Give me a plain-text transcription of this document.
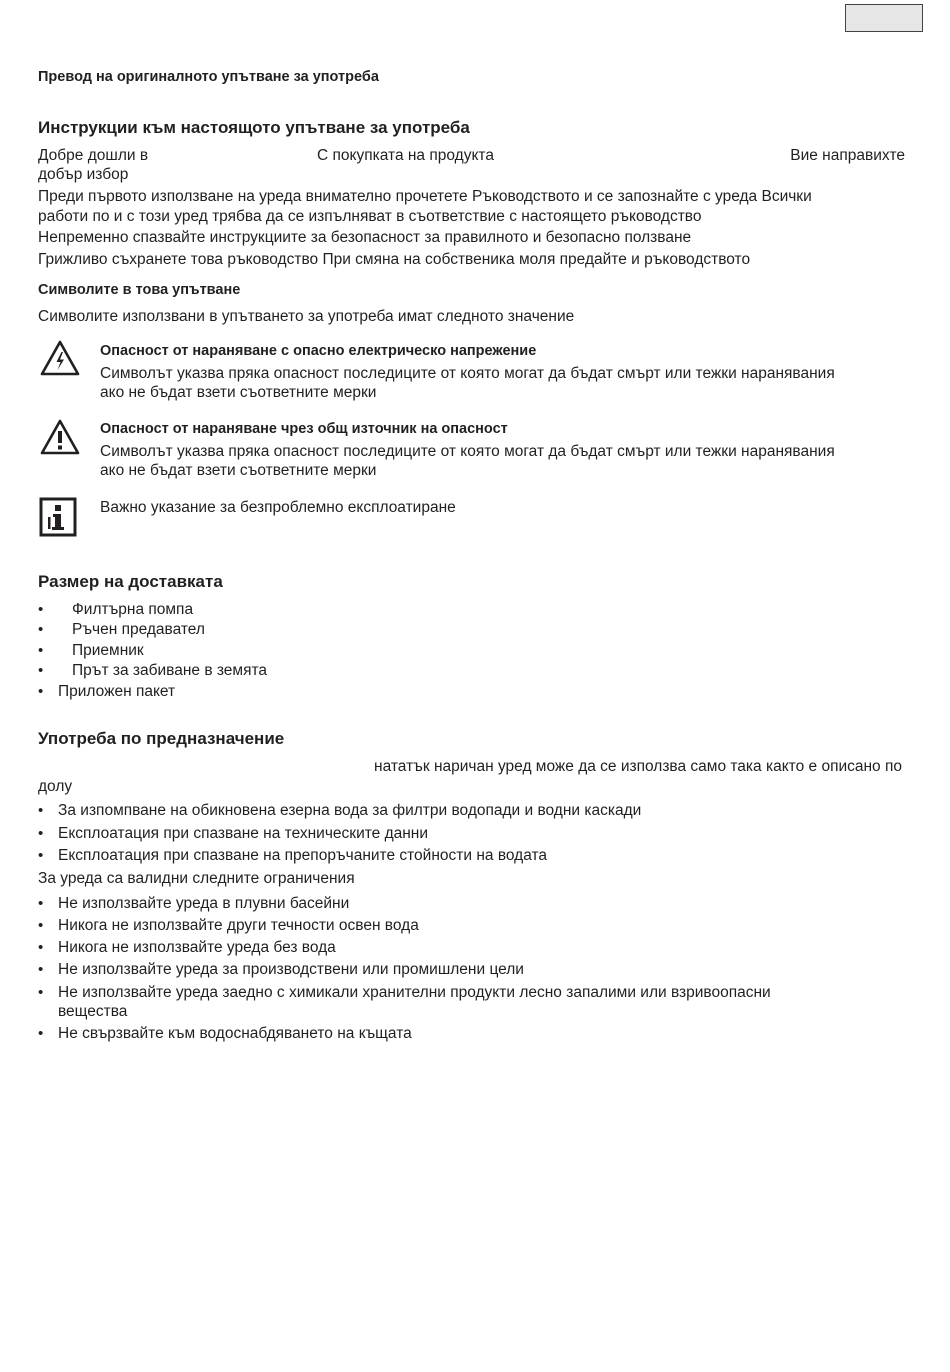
Превод на оригиналното упътване за употреба
Инструкции към настоящото упътване за употреба
Добре дошли в	С покупката на продукта	Вие направихте
добър избор
Преди първото използване на уреда внимателно прочетете Ръководството и се запознайте с уреда Всички
работи по и с този уред трябва да се изпълняват в съответствие с настоящето ръководство
Непременно спазвайте инструкциите за безопасност за правилното и безопасно ползване
Грижливо съхранете това ръководство При смяна на собственика моля предайте и ръководството
Символите в това упътване
Символите използвани в упътването за употреба имат следното значение
Опасност от нараняване с опасно електрическо напрежение
Символът указва пряка опасност последиците от която могат да бъдат смърт или тежки наранявания
ако не бъдат взети съответните мерки
Опасност от нараняване чрез общ източник на опасност
Символът указва пряка опасност последиците от която могат да бъдат смърт или тежки наранявания
ако не бъдат взети съответните мерки
Важно указание за безпроблемно експлоатиране
Размер на доставката
• Филтърна помпа
• Ръчен предавател
• Приемник
• Прът за забиване в земята
• Приложен пакет
Употреба по предназначение
нататък наричан уред може да се използва само така както е описано по
долу
• За изпомпване на обикновена езерна вода за филтри водопади и водни каскади
• Експлоатация при спазване на техническите данни
• Експлоатация при спазване на препоръчаните стойности на водата
За уреда са валидни следните ограничения
• Не използвайте уреда в плувни басейни
• Никога не използвайте други течности освен вода
• Никога не използвайте уреда без вода
• Не използвайте уреда за производствени или промишлени цели
• Не използвайте уреда заедно с химикали хранителни продукти лесно запалими или взривоопасни
вещества
• Не свързвайте към водоснабдяването на къщата
